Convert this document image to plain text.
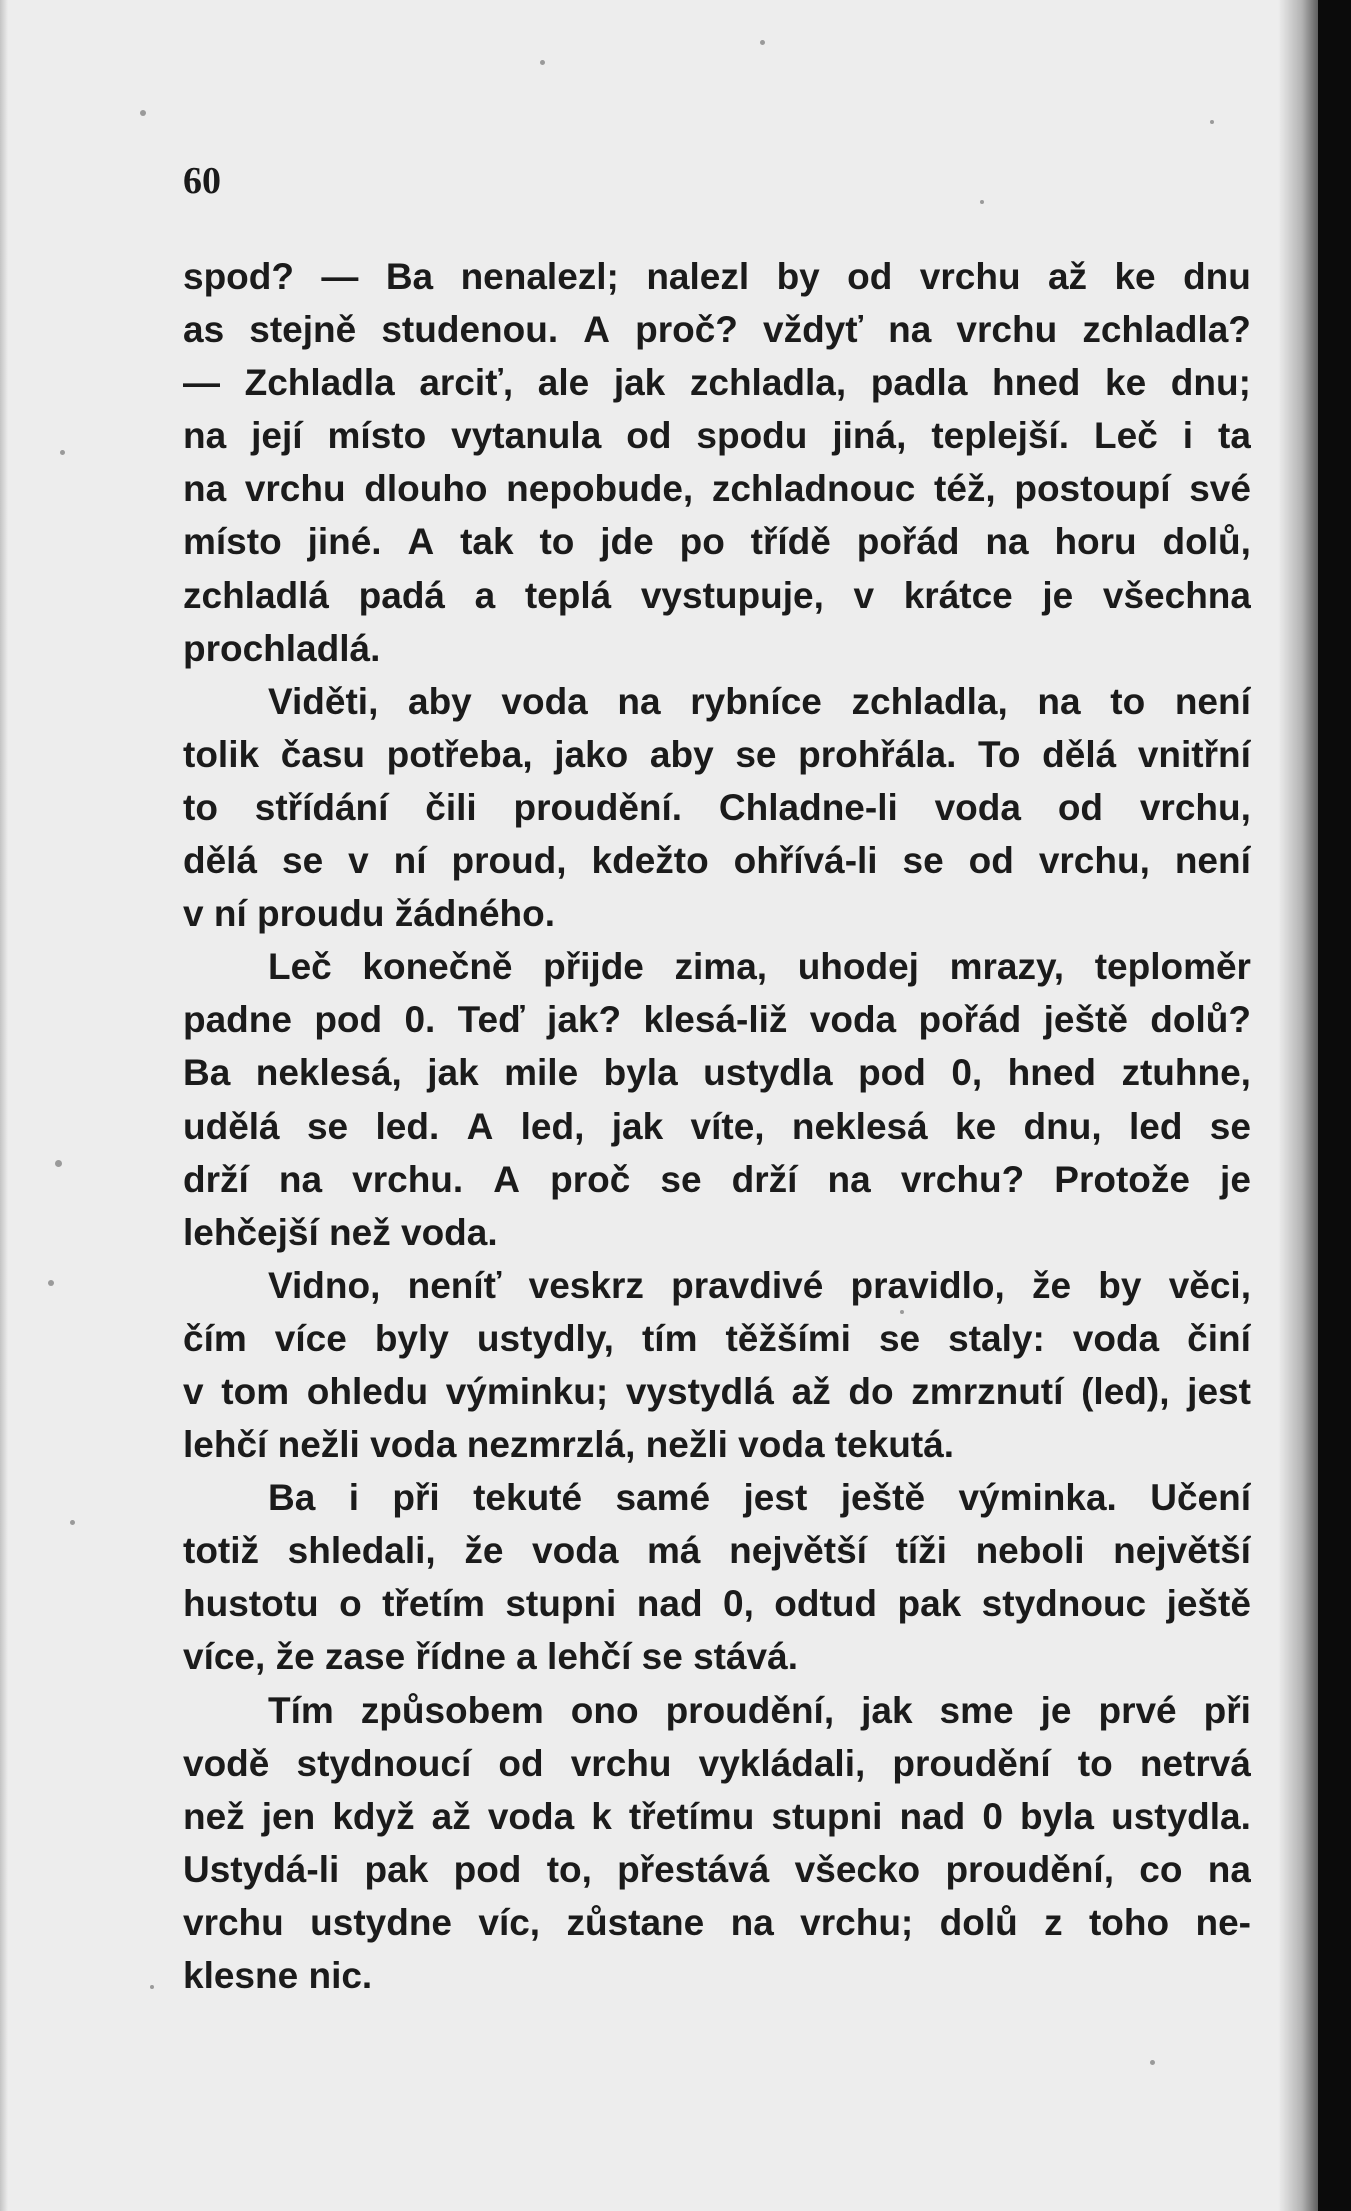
60
spod? — Ba nenalezl; nalezl by od vrchu až ke dnu
as stejně studenou. A proč? vždyť na vrchu zchladla?
— Zchladla arciť, ale jak zchladla, padla hned ke dnu;
na její místo vytanula od spodu jiná, teplejší. Leč i ta
na vrchu dlouho nepobude, zchladnouc též, postoupí své
místo jiné. A tak to jde po třídě pořád na horu dolů,
zchladlá padá a teplá vystupuje, v krátce je všechna
prochladlá.
Viděti, aby voda na rybníce zchladla, na to není
tolik času potřeba, jako aby se prohřála. To dělá vnitřní
to střídání čili proudění. Chladne-li voda od vrchu,
dělá se v ní proud, kdežto ohřívá-li se od vrchu, není
v ní proudu žádného.
Leč konečně přijde zima, uhodej mrazy, teploměr
padne pod 0. Teď jak? klesá-liž voda pořád ještě dolů?
Ba neklesá, jak mile byla ustydla pod 0, hned ztuhne,
udělá se led. A led, jak víte, neklesá ke dnu, led se
drží na vrchu. A proč se drží na vrchu? Protože je
lehčejší než voda.
Vidno, neníť veskrz pravdivé pravidlo, že by věci,
čím více byly ustydly, tím těžšími se staly: voda činí
v tom ohledu výminku; vystydlá až do zmrznutí (led), jest
lehčí nežli voda nezmrzlá, nežli voda tekutá.
Ba i při tekuté samé jest ještě výminka. Učení
totiž shledali, že voda má největší tíži neboli největší
hustotu o třetím stupni nad 0, odtud pak stydnouc ještě
více, že zase řídne a lehčí se stává.
Tím způsobem ono proudění, jak sme je prvé při
vodě stydnoucí od vrchu vykládali, proudění to netrvá
než jen když až voda k třetímu stupni nad 0 byla ustydla.
Ustydá-li pak pod to, přestává všecko proudění, co na
vrchu ustydne víc, zůstane na vrchu; dolů z toho ne-
klesne nic.
